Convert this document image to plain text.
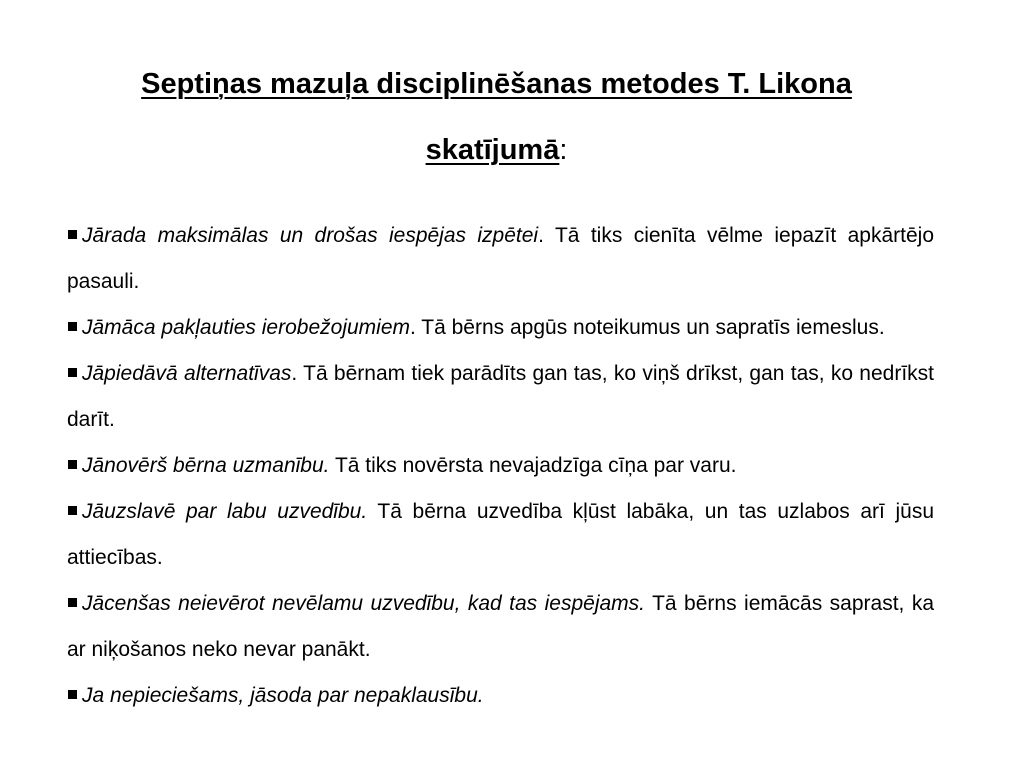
Septiņas mazuļa disciplinēšanas metodes T. Likona
skatījumā:
Jārada maksimālas un drošas iespējas izpētei. Tā tiks cienīta vēlme iepazīt apkārtējo pasauli.
Jāmāca pakļauties ierobežojumiem. Tā bērns apgūs noteikumus un sapratīs iemeslus.
Jāpiedāvā alternatīvas. Tā bērnam tiek parādīts gan tas, ko viņš drīkst, gan tas, ko nedrīkst darīt.
Jānovērš bērna uzmanību. Tā tiks novērsta nevajadzīga cīņa par varu.
Jāuzslavē par labu uzvedību. Tā bērna uzvedība kļūst labāka, un tas uzlabos arī jūsu attiecības.
Jācenšas neievērot nevēlamu uzvedību, kad tas iespējams. Tā bērns iemācās saprast, ka ar niķošanos neko nevar panākt.
Ja nepieciešams, jāsoda par nepaklausību.
